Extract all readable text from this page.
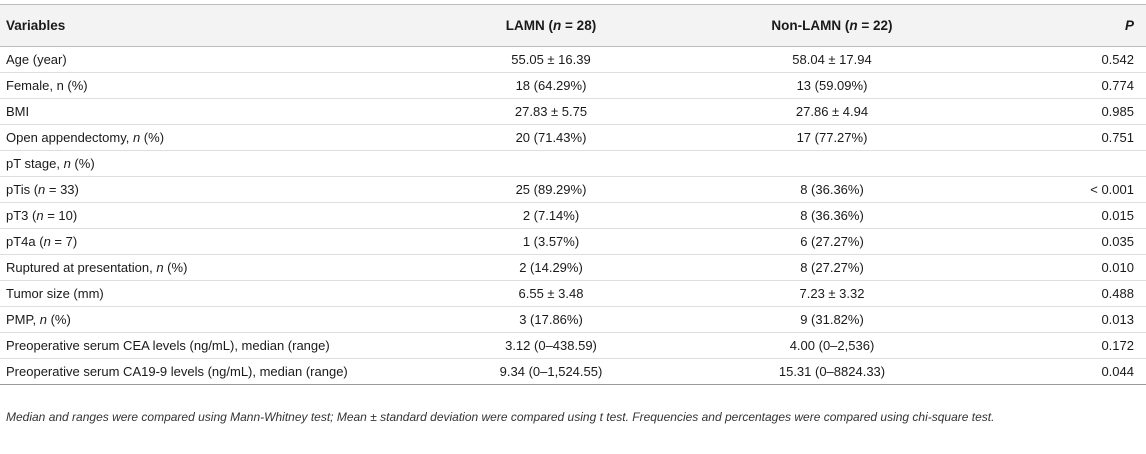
Variables	LAMN (n = 28)	Non-LAMN (n = 22)	P
Age (year)	55.05 ± 16.39	58.04 ± 17.94	0.542
Female, n (%)	18 (64.29%)	13 (59.09%)	0.774
BMI	27.83 ± 5.75	27.86 ± 4.94	0.985
Open appendectomy, n (%)	20 (71.43%)	17 (77.27%)	0.751
pT stage, n (%)			
pTis (n = 33)	25 (89.29%)	8 (36.36%)	< 0.001
pT3 (n = 10)	2 (7.14%)	8 (36.36%)	0.015
pT4a (n = 7)	1 (3.57%)	6 (27.27%)	0.035
Ruptured at presentation, n (%)	2 (14.29%)	8 (27.27%)	0.010
Tumor size (mm)	6.55 ± 3.48	7.23 ± 3.32	0.488
PMP, n (%)	3 (17.86%)	9 (31.82%)	0.013
Preoperative serum CEA levels (ng/mL), median (range)	3.12 (0–438.59)	4.00 (0–2,536)	0.172
Preoperative serum CA19-9 levels (ng/mL), median (range)	9.34 (0–1,524.55)	15.31 (0–8824.33)	0.044
Median and ranges were compared using Mann-Whitney test; Mean ± standard deviation were compared using t test. Frequencies and percentages were compared using chi-square test.
